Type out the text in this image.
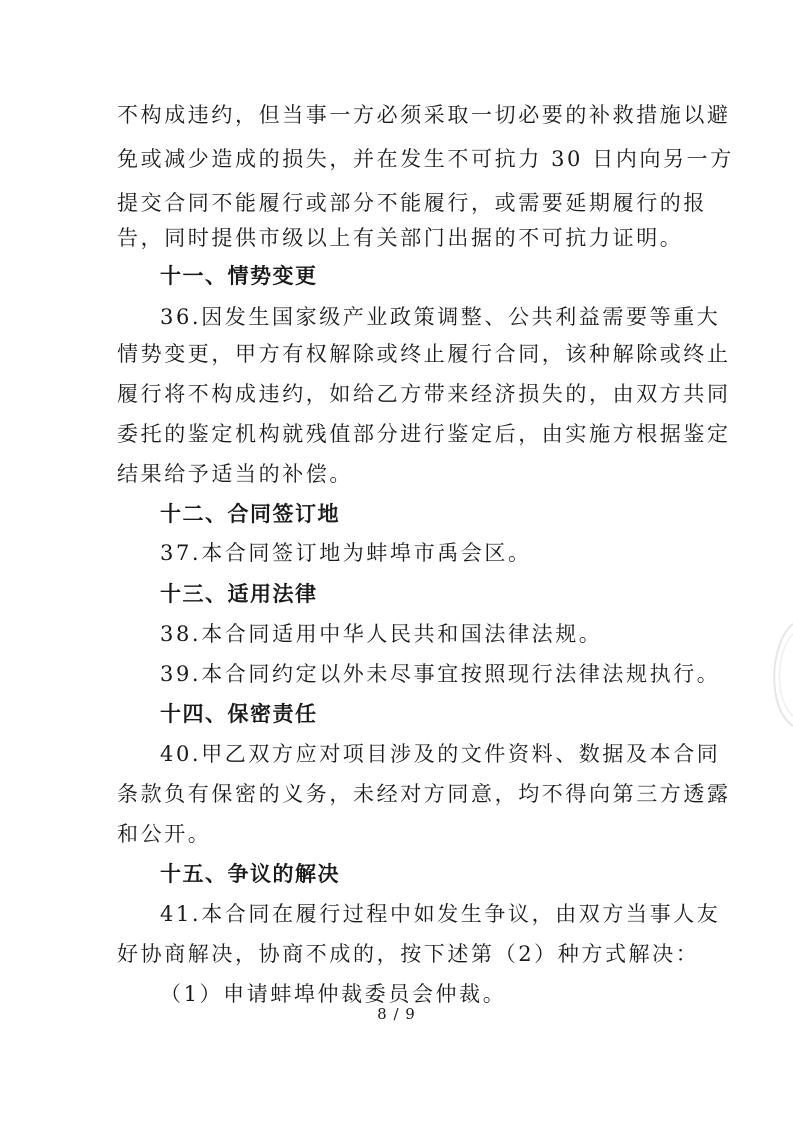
不构成违约，但当事一方必须采取一切必要的补救措施以避
免或减少造成的损失，并在发生不可抗力 30 日内向另一方
提交合同不能履行或部分不能履行，或需要延期履行的报
告，同时提供市级以上有关部门出据的不可抗力证明。
十一、情势变更
36.因发生国家级产业政策调整、公共利益需要等重大
情势变更，甲方有权解除或终止履行合同，该种解除或终止
履行将不构成违约，如给乙方带来经济损失的，由双方共同
委托的鉴定机构就残值部分进行鉴定后，由实施方根据鉴定
结果给予适当的补偿。
十二、合同签订地
37.本合同签订地为蚌埠市禹会区。
十三、适用法律
38.本合同适用中华人民共和国法律法规。
39.本合同约定以外未尽事宜按照现行法律法规执行。
十四、保密责任
40.甲乙双方应对项目涉及的文件资料、数据及本合同
条款负有保密的义务，未经对方同意，均不得向第三方透露
和公开。
十五、争议的解决
41.本合同在履行过程中如发生争议，由双方当事人友
好协商解决，协商不成的，按下述第（2）种方式解决：
（1）申请蚌埠仲裁委员会仲裁。
8 / 9
